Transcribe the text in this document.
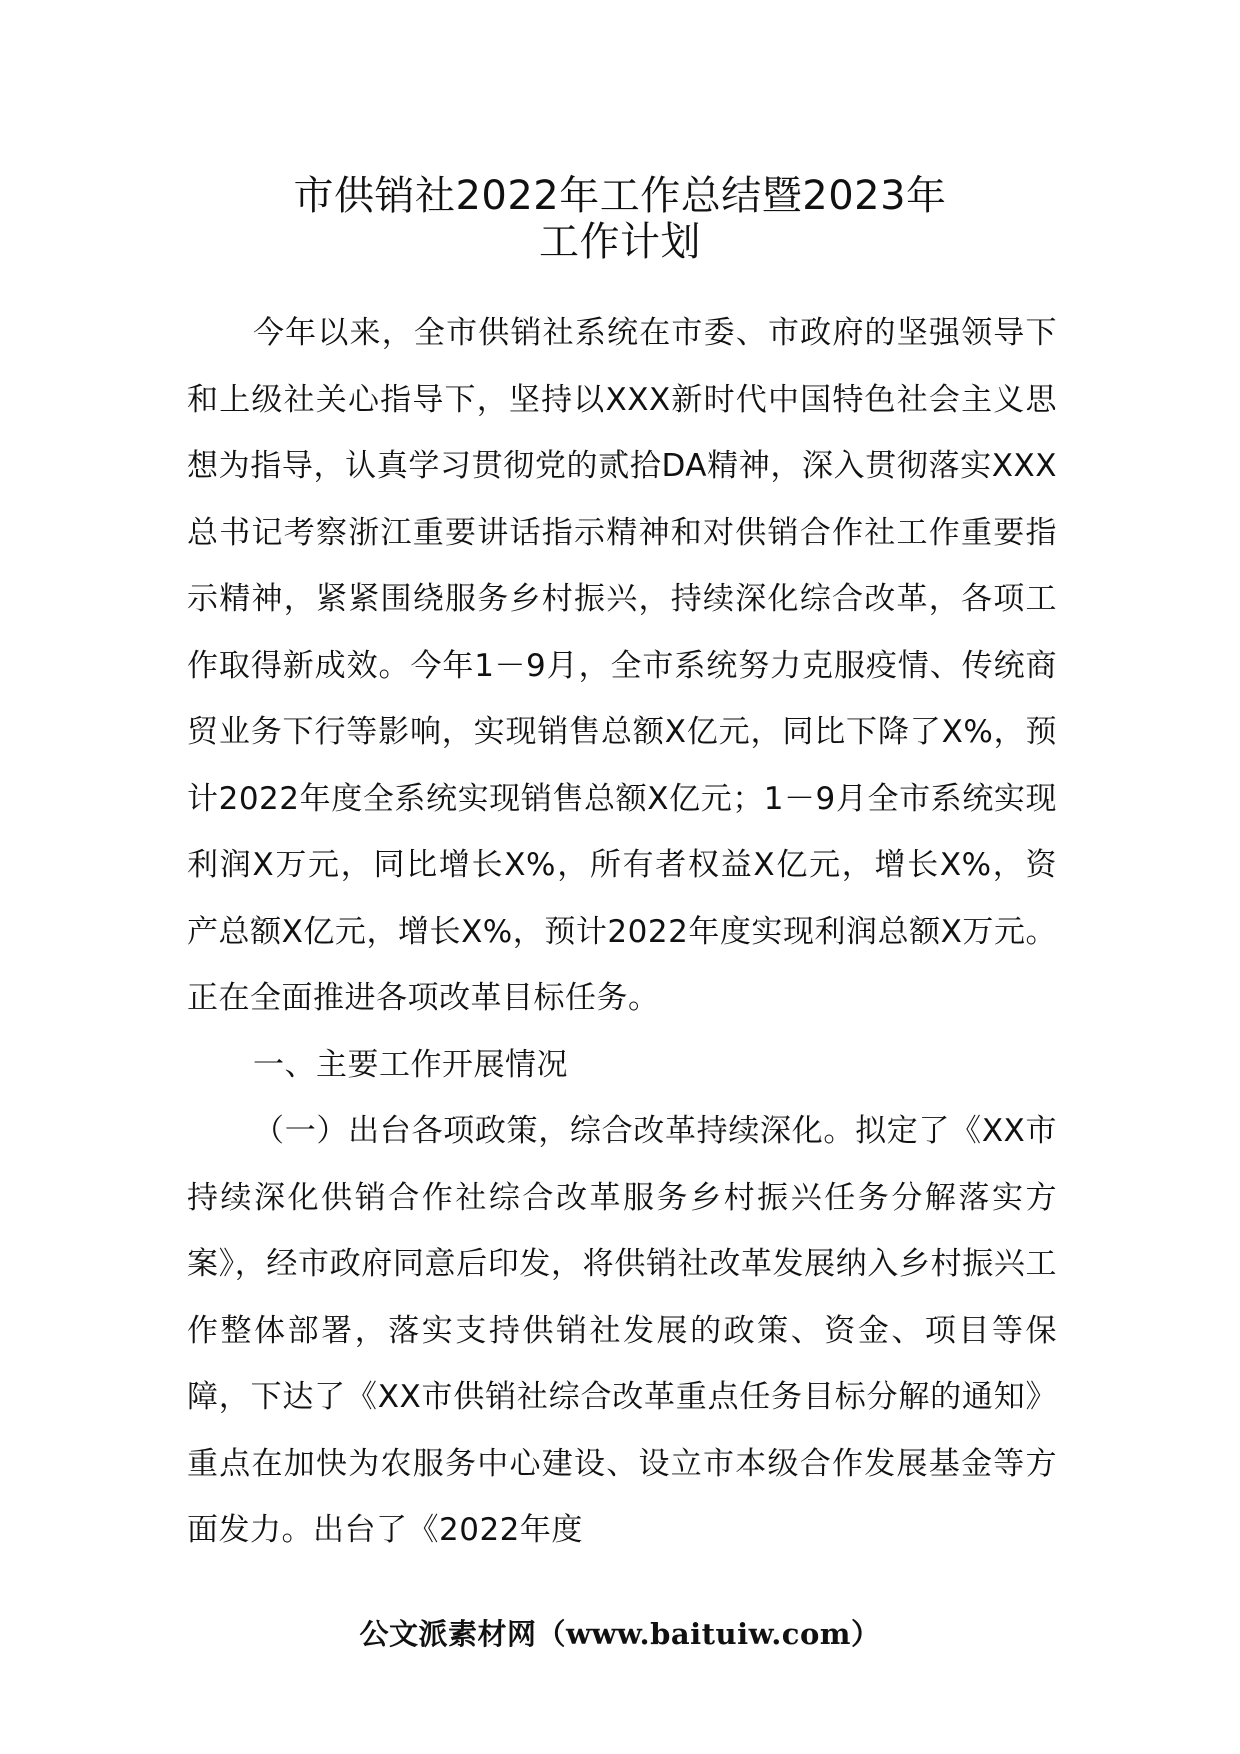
市供销社2022年工作总结暨2023年
工作计划

今年以来，全市供销社系统在市委、市政府的坚强领导下和上级社关心指导下，坚持以XXX新时代中国特色社会主义思想为指导，认真学习贯彻党的贰拾DA精神，深入贯彻落实XXX总书记考察浙江重要讲话指示精神和对供销合作社工作重要指示精神，紧紧围绕服务乡村振兴，持续深化综合改革，各项工作取得新成效。今年1－9月，全市系统努力克服疫情、传统商贸业务下行等影响，实现销售总额X亿元，同比下降了X%，预计2022年度全系统实现销售总额X亿元；1－9月全市系统实现利润X万元，同比增长X%，所有者权益X亿元，增长X%，资产总额X亿元，增长X%，预计2022年度实现利润总额X万元。正在全面推进各项改革目标任务。

一、主要工作开展情况

（一）出台各项政策，综合改革持续深化。拟定了《XX市持续深化供销合作社综合改革服务乡村振兴任务分解落实方案》，经市政府同意后印发，将供销社改革发展纳入乡村振兴工作整体部署，落实支持供销社发展的政策、资金、项目等保障，下达了《XX市供销社综合改革重点任务目标分解的通知》重点在加快为农服务中心建设、设立市本级合作发展基金等方面发力。出台了《2022年度

公文派素材网（www.baituiw.com）
